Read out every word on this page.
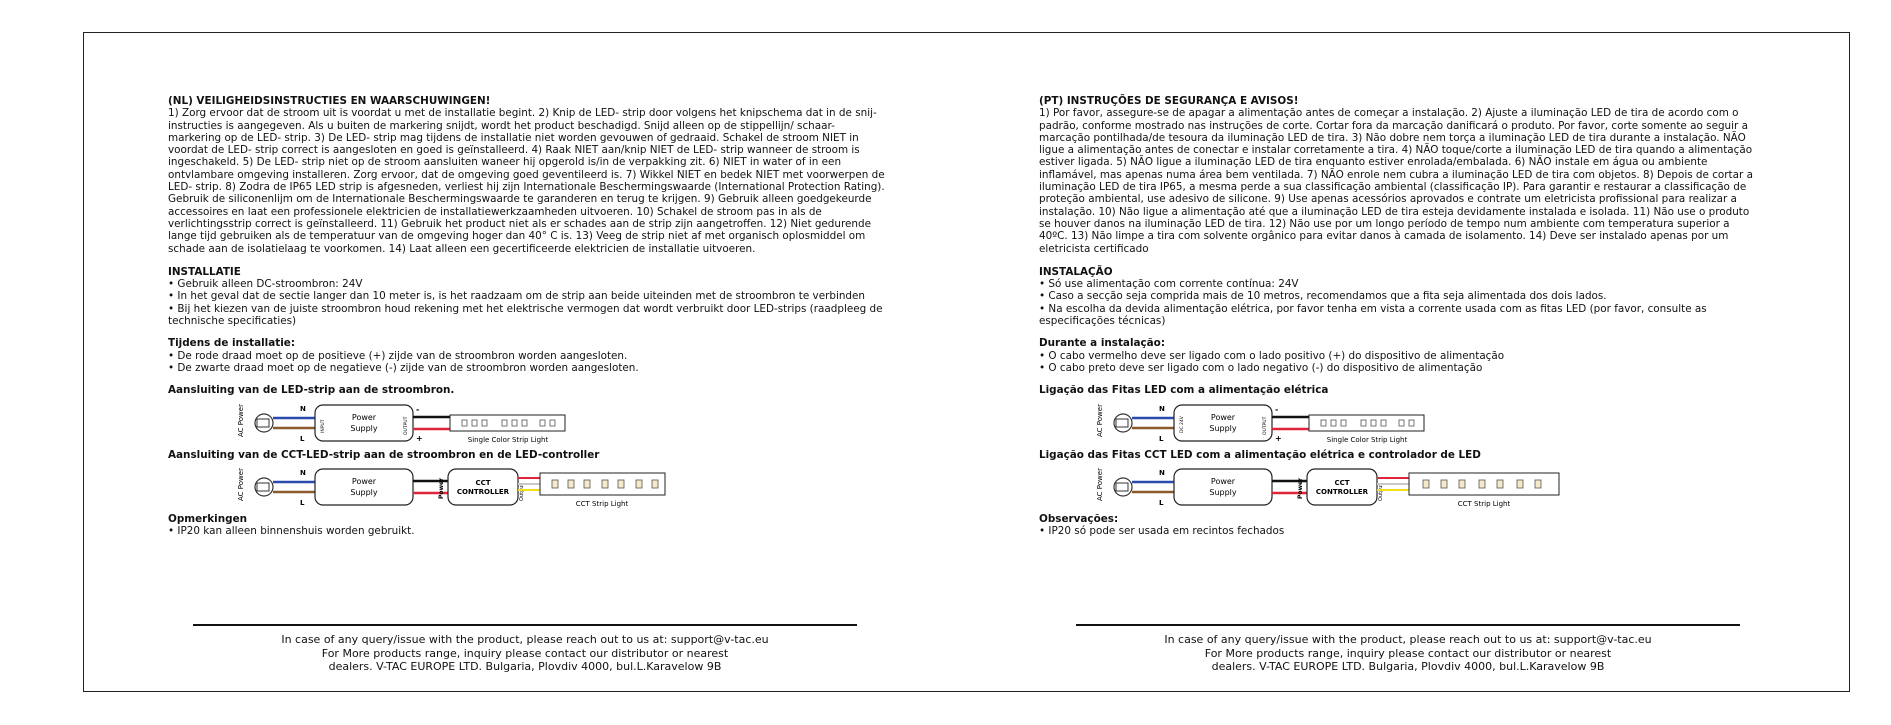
(NL) VEILIGHEIDSINSTRUCTIES EN WAARSCHUWINGEN!

1) Zorg ervoor dat de stroom uit is voordat u met de installatie begint. 2) Knip de LED- strip door volgens het knipschema dat in de snij- instructies is aangegeven. Als u buiten de markering snijdt, wordt het product beschadigd. Snijd alleen op de stippellijn/ schaar- markering op de LED- strip. 3) De LED- strip mag tijdens de installatie niet worden gevouwen of gedraaid. Schakel de stroom NIET in voordat de LED- strip correct is aangesloten en goed is geïnstalleerd. 4) Raak NIET aan/knip NIET de LED- strip wanneer de stroom is ingeschakeld. 5) De LED- strip niet op de stroom aansluiten waneer hij opgerold is/in de verpakking zit. 6) NIET in water of in een ontvlambare omgeving installeren. Zorg ervoor, dat de omgeving goed geventileerd is. 7) Wikkel NIET en bedek NIET met voorwerpen de LED- strip. 8) Zodra de IP65 LED strip is afgesneden, verliest hij zijn Internationale Beschermingswaarde (International Protection Rating). Gebruik de siliconenlijm om de Internationale Beschermingswaarde te garanderen en terug te krijgen. 9) Gebruik alleen goedgekeurde accessoires en laat een professionele elektricien de installatiewerkzaamheden uitvoeren. 10) Schakel de stroom pas in als de verlichtingsstrip correct is geïnstalleerd. 11) Gebruik het product niet als er schades aan de strip zijn aangetroffen. 12) Niet gedurende lange tijd gebruiken als de temperatuur van de omgeving hoger dan 40° C is. 13) Veeg de strip niet af met organisch oplosmiddel om schade aan de isolatielaag te voorkomen. 14) Laat alleen een gecertificeerde elektricien de installatie uitvoeren.

INSTALLATIE

• Gebruik alleen DC-stroombron: 24V

• In het geval dat de sectie langer dan 10 meter is, is het raadzaam om de strip aan beide uiteinden met de stroombron te verbinden

• Bij het kiezen van de juiste stroombron houd rekening met het elektrische vermogen dat wordt verbruikt door LED-strips (raadpleeg de technische specificaties)

Tijdens de installatie:

• De rode draad moet op de positieve (+) zijde van de stroombron worden aangesloten.

• De zwarte draad moet op de negatieve (-) zijde van de stroombron worden aangesloten.

Aansluiting van de LED-strip aan de stroombron.

AC Power	N
L
Power
Supply
INPUT	OUTPUT
-
+	Single Color Strip Light

Aansluiting van de CCT-LED-strip aan de stroombron en de LED-controller

AC Power	N
L
Power
Supply	Power	CCT
CONTROLLER Output
CCT Strip Light

Opmerkingen

• IP20 kan alleen binnenshuis worden gebruikt.

(PT) INSTRUÇÕES DE SEGURANÇA E AVISOS!

1) Por favor, assegure-se de apagar a alimentação antes de começar a instalação. 2) Ajuste a iluminação LED de tira de acordo com o padrão, conforme mostrado nas instruções de corte. Cortar fora da marcação danificará o produto. Por favor, corte somente ao seguir a marcação pontilhada/de tesoura da iluminação LED de tira. 3) Não dobre nem torça a iluminação LED de tira durante a instalação. NÃO ligue a alimentação antes de conectar e instalar corretamente a tira. 4) NÃO toque/corte a iluminação LED de tira quando a alimentação estiver ligada. 5) NÃO ligue a iluminação LED de tira enquanto estiver enrolada/embalada. 6) NÃO instale em água ou ambiente inflamável, mas apenas numa área bem ventilada. 7) NÃO enrole nem cubra a iluminação LED de tira com objetos. 8) Depois de cortar a iluminação LED de tira IP65, a mesma perde a sua classificação ambiental (classificação IP). Para garantir e restaurar a classificação de proteção ambiental, use adesivo de silicone. 9) Use apenas acessórios aprovados e contrate um eletricista profissional para realizar a instalação. 10) Não ligue a alimentação até que a iluminação LED de tira esteja devidamente instalada e isolada. 11) Não use o produto se houver danos na iluminação LED de tira. 12) Não use por um longo período de tempo num ambiente com temperatura superior a 40ºC. 13) Não limpe a tira com solvente orgânico para evitar danos à camada de isolamento. 14) Deve ser instalado apenas por um eletricista certificado

INSTALAÇÃO

• Só use alimentação com corrente contínua: 24V

• Caso a secção seja comprida mais de 10 metros, recomendamos que a fita seja alimentada dos dois lados.

• Na escolha da devida alimentação elétrica, por favor tenha em vista a corrente usada com as fitas LED (por favor, consulte as especificações técnicas)

Durante a instalação:

• O cabo vermelho deve ser ligado com o lado positivo (+) do dispositivo de alimentação

• O cabo preto deve ser ligado com o lado negativo (-) do dispositivo de alimentação

Ligação das Fitas LED com a alimentação elétrica

AC Power	N
L
Power
Supply
DC 24V	OUTPUT
-
+	Single Color Strip Light

Ligação das Fitas CCT LED com a alimentação elétrica e controlador de LED

AC Power	N
L
Power
Supply	Power	CCT
CONTROLLER Output
CCT Strip Light

Observações:

• IP20 só pode ser usada em recintos fechados

In case of any query/issue with the product, please reach out to us at: support@v-tac.eu
For More products range, inquiry please contact our distributor or nearest
dealers. V-TAC EUROPE LTD. Bulgaria, Plovdiv 4000, bul.L.Karavelow 9B
In case of any query/issue with the product, please reach out to us at: support@v-tac.eu
For More products range, inquiry please contact our distributor or nearest
dealers. V-TAC EUROPE LTD. Bulgaria, Plovdiv 4000, bul.L.Karavelow 9B
